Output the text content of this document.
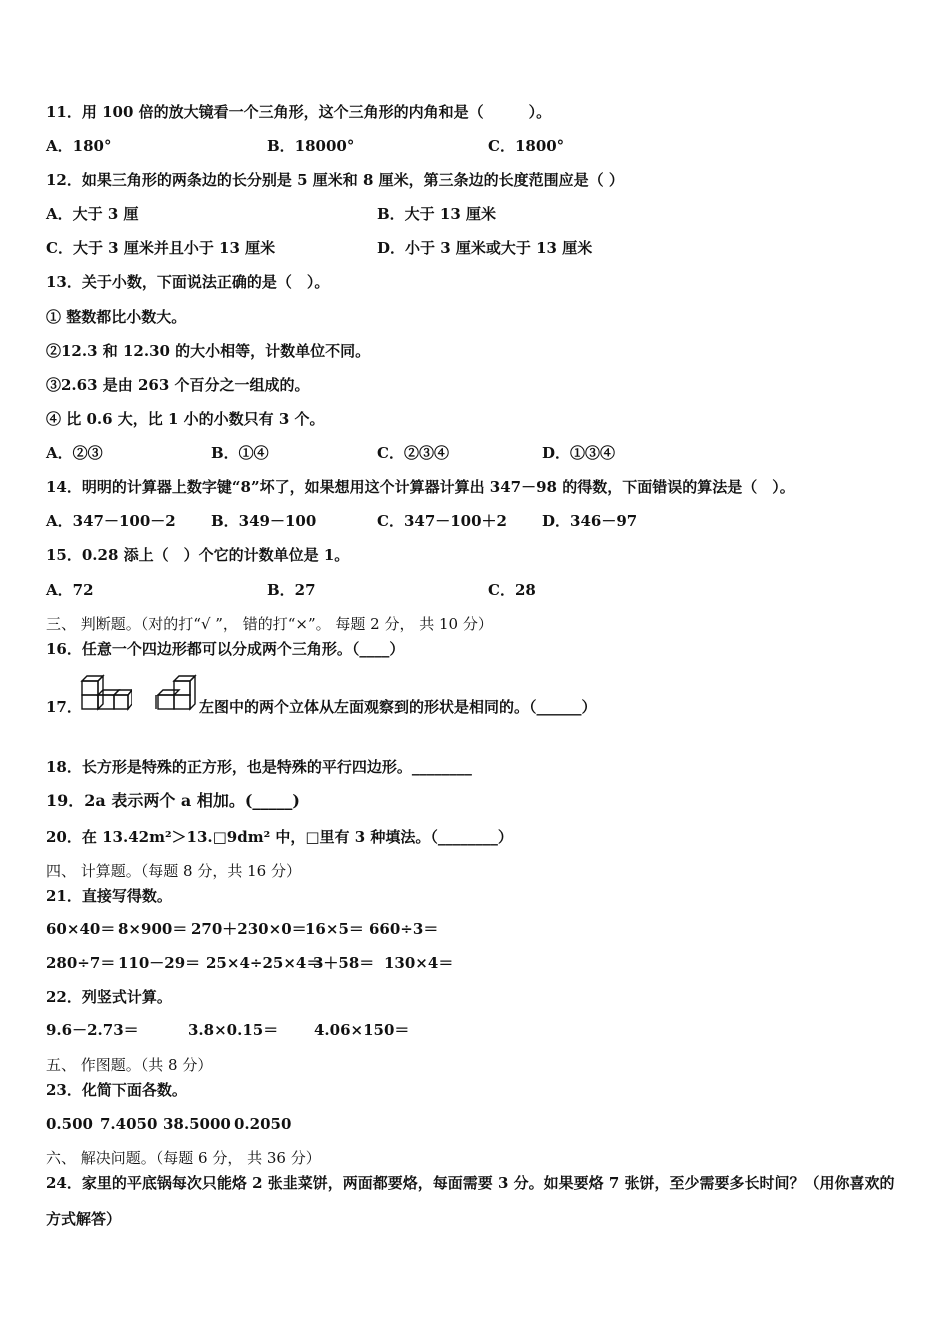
11．用 100 倍的放大镜看一个三角形，这个三角形的内角和是（　　　）。
A．180°	B．18000°	C．1800°
12．如果三角形的两条边的长分别是 5 厘米和 8 厘米，第三条边的长度范围应是（ ）
A．大于 3 厘	B．大于 13 厘米
C．大于 3 厘米并且小于 13 厘米	D．小于 3 厘米或大于 13 厘米
13．关于小数，下面说法正确的是（　）。
① 整数都比小数大。
②12.3 和 12.30 的大小相等，计数单位不同。
③2.63 是由 263 个百分之一组成的。
④ 比 0.6 大，比 1 小的小数只有 3 个。
A．②③	B．①④	C．②③④	D．①③④
14．明明的计算器上数字键“8”坏了，如果想用这个计算器计算出 347－98 的得数，下面错误的算法是（　）。
A．347－100－2 B．349－100	C．347－100＋2 D．346－97
15．0.28 添上（　）个它的计数单位是 1。
A．72	B．27	C．28
三、 判断题。（对的打“√ ”， 错的打“×”。 每题 2 分， 共 10 分）
16．任意一个四边形都可以分成两个三角形。（____）
17．	左图中的两个立体从左面观察到的形状是相同的。（______）
18．长方形是特殊的正方形，也是特殊的平行四边形。________
19．2a 表示两个 a 相加。(_____)
20．在 13.42m²＞13.□9dm² 中，□里有 3 种填法。（________）
四、 计算题。（每题 8 分，共 16 分）
21．直接写得数。
60×40＝ 8×900＝ 270＋230×0＝
16×5＝ 660÷3＝
280÷7＝ 110－29＝ 25×4÷25×4＝
3＋58＝ 130×4＝
22．列竖式计算。
9.6－2.73＝	3.8×0.15＝ 4.06×150＝
五、 作图题。（共 8 分）
23．化简下面各数。
0.500 7.4050 38.5000 0.2050
六、 解决问题。（每题 6 分， 共 36 分）
24．家里的平底锅每次只能烙 2 张韭菜饼，两面都要烙，每面需要 3 分。如果要烙 7 张饼，至少需要多长时间？（用你喜欢的方式解答）
